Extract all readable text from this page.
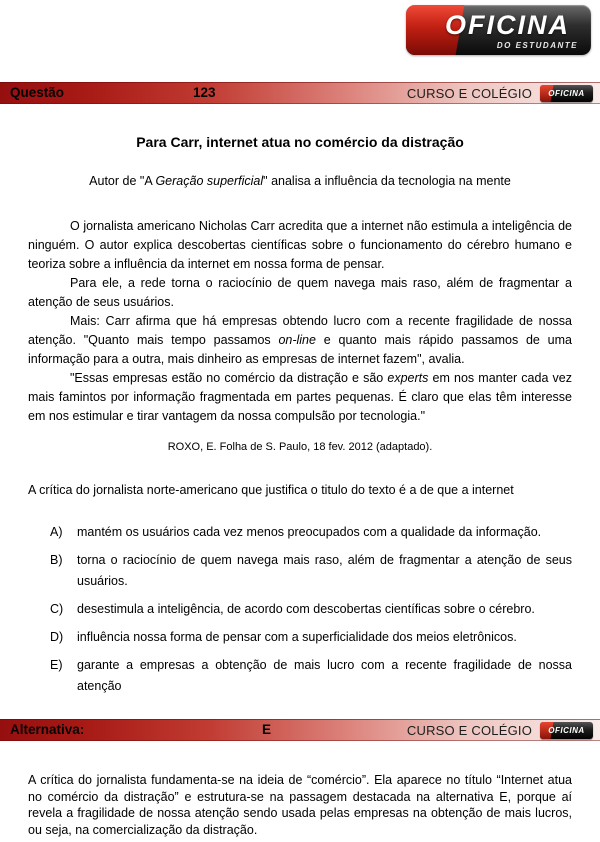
OFICINA
DO ESTUDANTE
Questão	123	CURSO E COLÉGIO OFICINA
Para Carr, internet atua no comércio da distração

Autor de "A Geração superficial" analisa a influência da tecnologia na mente

O jornalista americano Nicholas Carr acredita que a internet não estimula a inteligência de ninguém. O autor explica descobertas científicas sobre o funcionamento do cérebro humano e teoriza sobre a influência da internet em nossa forma de pensar.

Para ele, a rede torna o raciocínio de quem navega mais raso, além de fragmentar a atenção de seus usuários.

Mais: Carr afirma que há empresas obtendo lucro com a recente fragilidade de nossa atenção. "Quanto mais tempo passamos on-line e quanto mais rápido passamos de uma informação para a outra, mais dinheiro as empresas de internet fazem", avalia.

"Essas empresas estão no comércio da distração e são experts em nos manter cada vez mais famintos por informação fragmentada em partes pequenas. É claro que elas têm interesse em nos estimular e tirar vantagem da nossa compulsão por tecnologia."

ROXO, E. Folha de S. Paulo, 18 fev. 2012 (adaptado).

A crítica do jornalista norte-americano que justifica o titulo do texto é a de que a internet

A)	mantém os usuários cada vez menos preocupados com a qualidade da informação.
B)	torna o raciocínio de quem navega mais raso, além de fragmentar a atenção de seus usuários.
C)	desestimula a inteligência, de acordo com descobertas científicas sobre o cérebro.
D)	influência nossa forma de pensar com a superficialidade dos meios eletrônicos.
E)	garante a empresas a obtenção de mais lucro com a recente fragilidade de nossa atenção
Alternativa:	E	CURSO E COLÉGIO OFICINA

A crítica do jornalista fundamenta-se na ideia de “comércio”. Ela aparece no título “Internet atua no comércio da distração” e estrutura-se na passagem destacada na alternativa E, porque aí revela a fragilidade de nossa atenção sendo usada pelas empresas na obtenção de mais lucros, ou seja, na comercialização da distração.
